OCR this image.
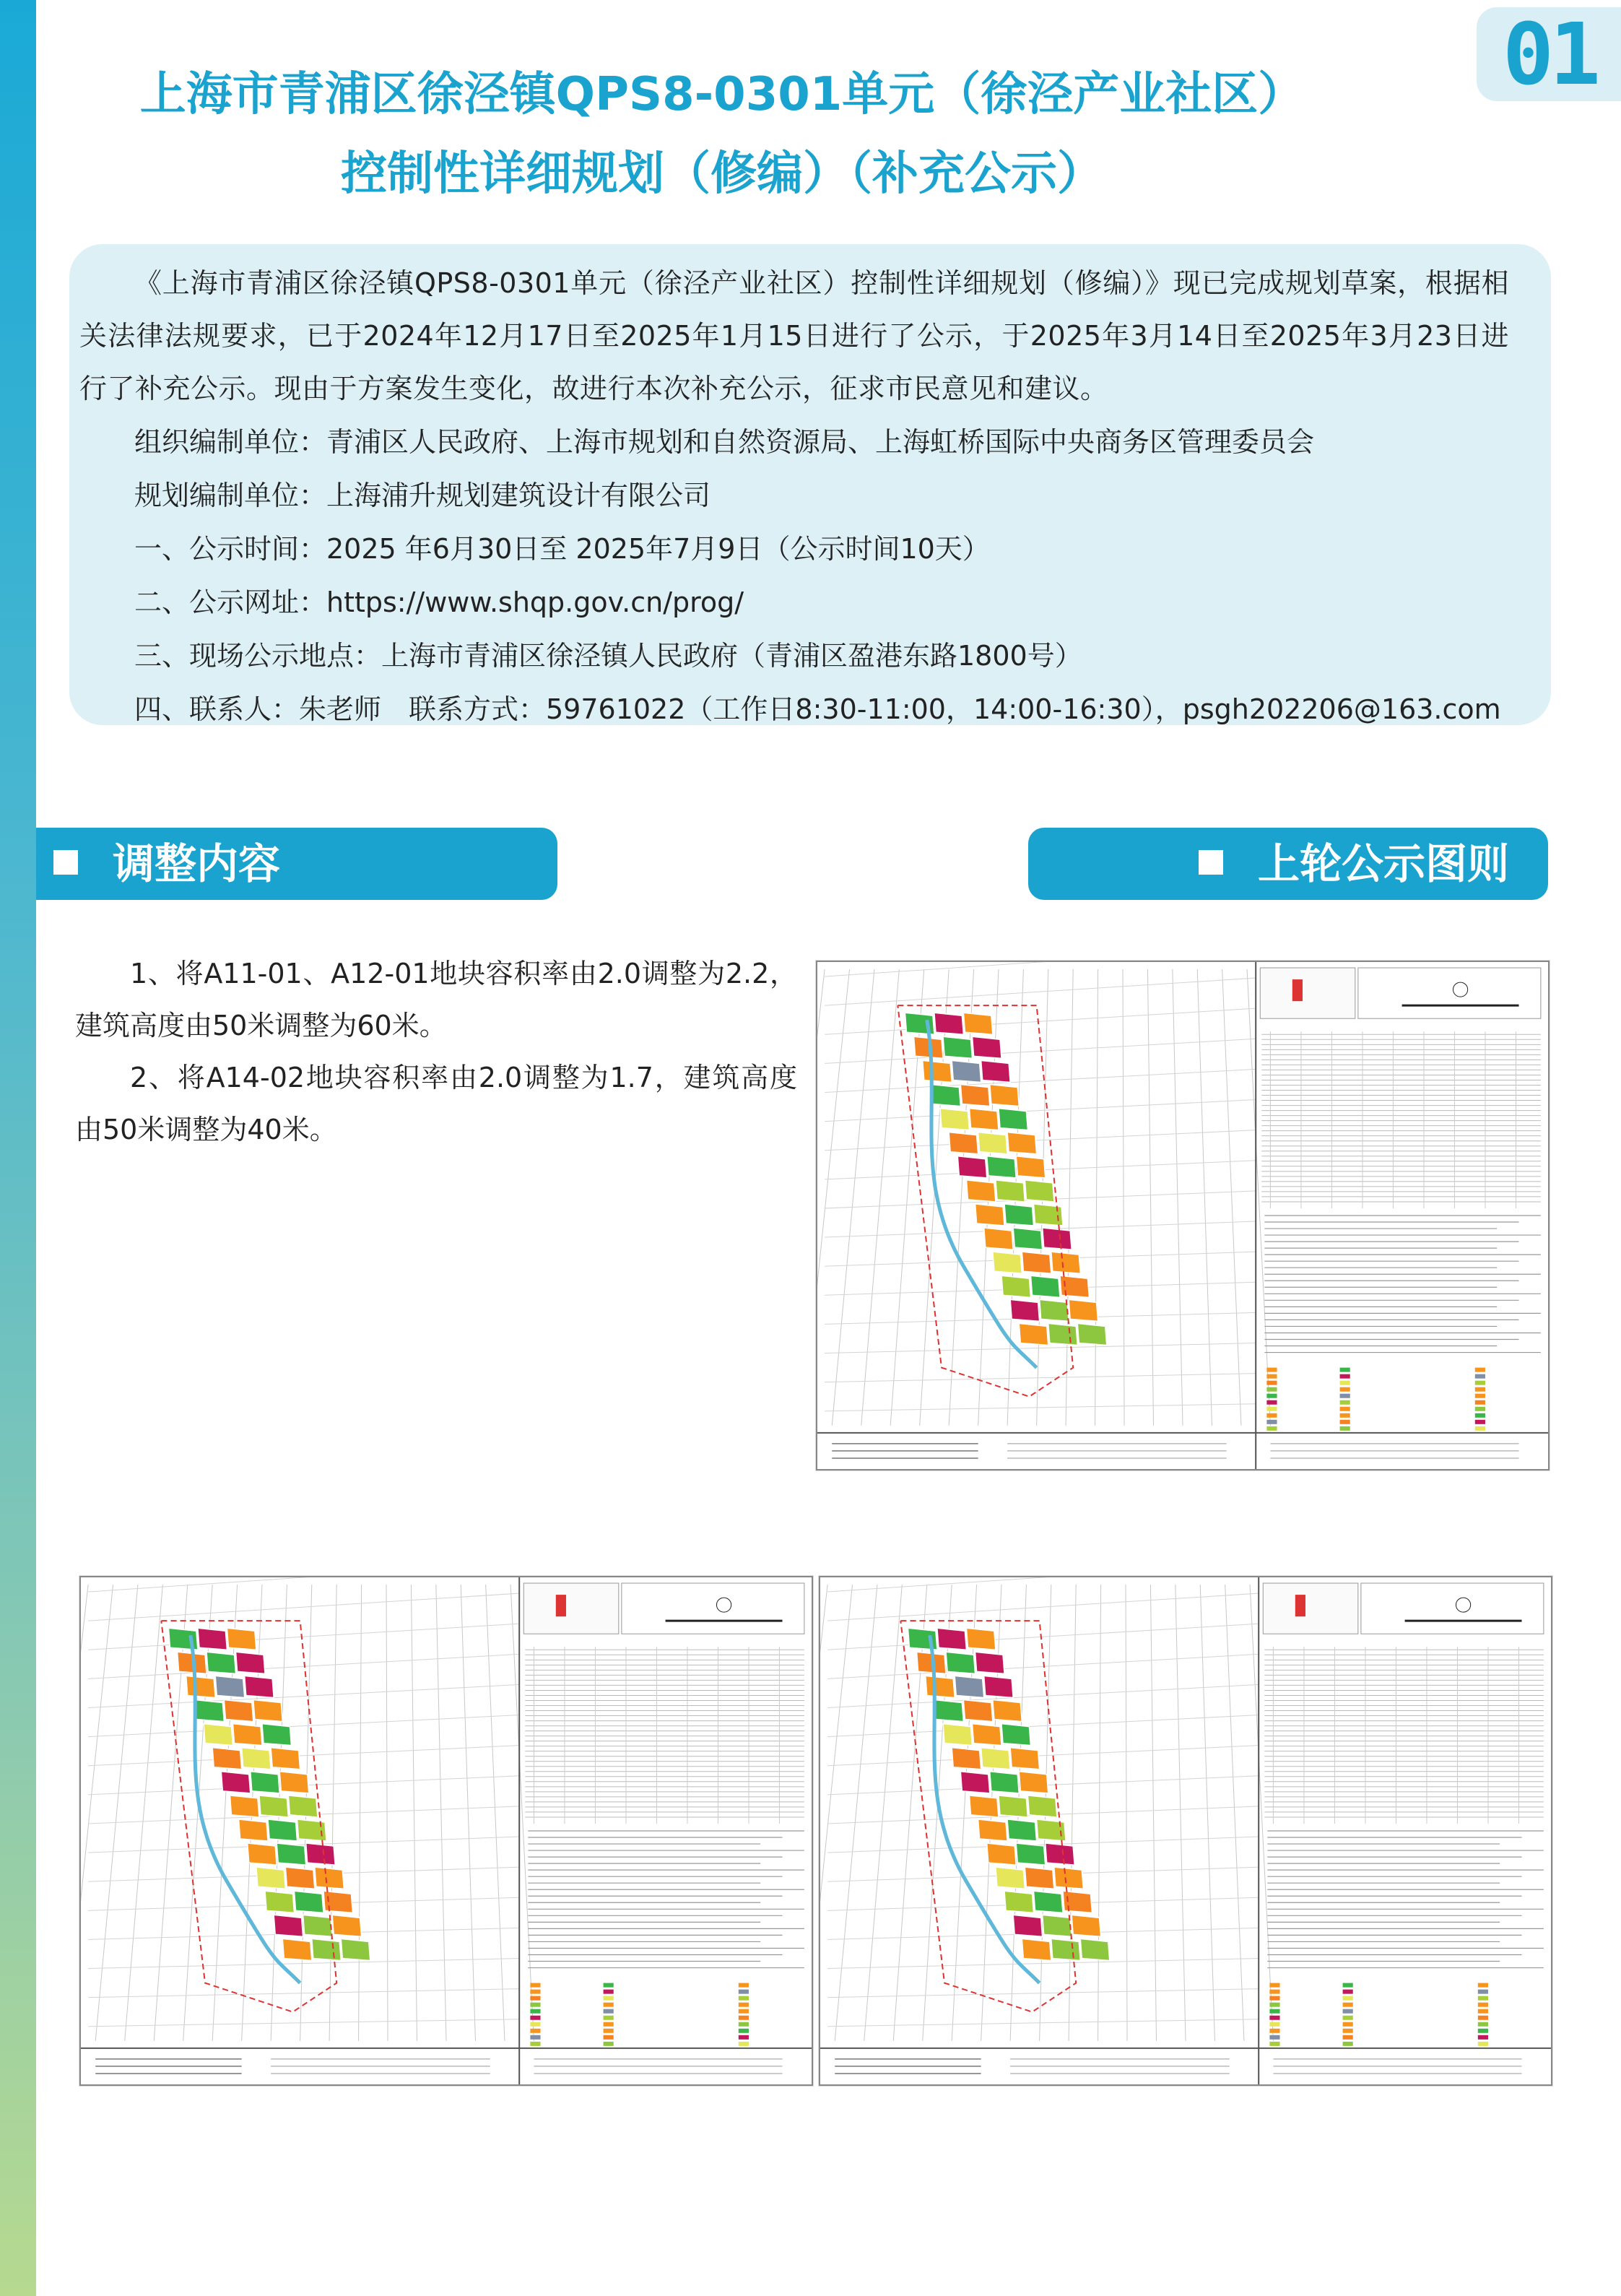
01
上海市青浦区徐泾镇QPS8-0301单元（徐泾产业社区）
控制性详细规划（修编）（补充公示）

《上海市青浦区徐泾镇QPS8-0301单元（徐泾产业社区）控制性详细规划（修编）》现已完成规划草案，根据相关法律法规要求，已于2024年12月17日至2025年1月15日进行了公示，于2025年3月14日至2025年3月23日进行了补充公示。现由于方案发生变化，故进行本次补充公示，征求市民意见和建议。

组织编制单位：青浦区人民政府、上海市规划和自然资源局、上海虹桥国际中央商务区管理委员会

规划编制单位：上海浦升规划建筑设计有限公司

一、公示时间：2025 年6月30日至 2025年7月9日（公示时间10天）

二、公示网址：https://www.shqp.gov.cn/prog/

三、现场公示地点：上海市青浦区徐泾镇人民政府（青浦区盈港东路1800号）

四、联系人：朱老师　联系方式：59761022（工作日8:30-11:00，14:00-16:30），psgh202206@163.com

调整内容	上轮公示图则

1、将A11-01、A12-01地块容积率由2.0调整为2.2，建筑高度由50米调整为60米。

2、将A14-02地块容积率由2.0调整为1.7，建筑高度由50米调整为40米。
